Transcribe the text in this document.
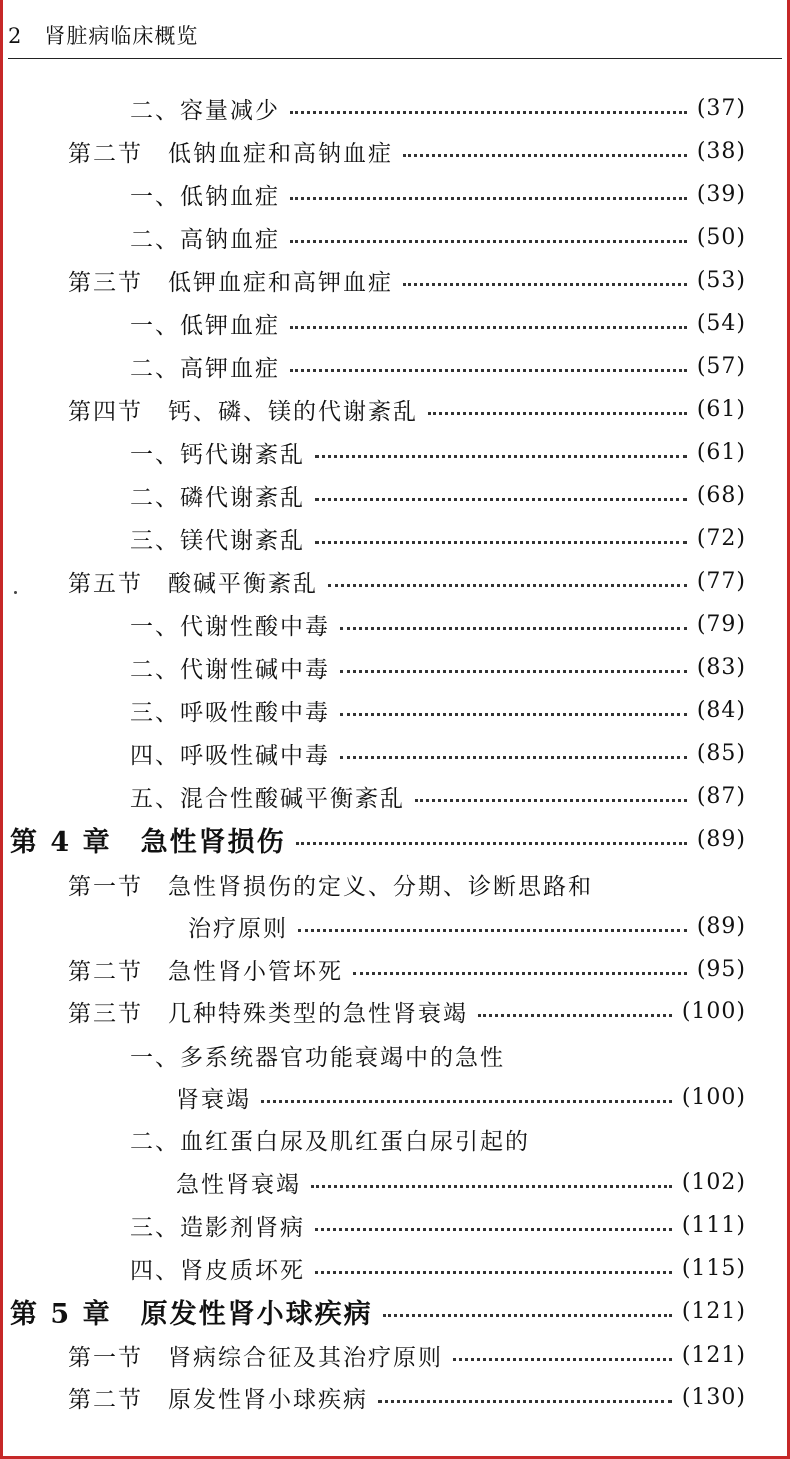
2 肾脏病临床概览
二、容量减少	(37)
第二节　低钠血症和高钠血症	(38)
一、低钠血症	(39)
二、高钠血症	(50)
第三节　低钾血症和高钾血症	(53)
一、低钾血症	(54)
二、高钾血症	(57)
第四节　钙、磷、镁的代谢紊乱	(61)
一、钙代谢紊乱	(61)
二、磷代谢紊乱	(68)
三、镁代谢紊乱	(72)
第五节　酸碱平衡紊乱	(77)
一、代谢性酸中毒	(79)
二、代谢性碱中毒	(83)
三、呼吸性酸中毒	(84)
四、呼吸性碱中毒	(85)
五、混合性酸碱平衡紊乱	(87)
第 4 章　急性肾损伤	(89)
第一节　急性肾损伤的定义、分期、诊断思路和
治疗原则	(89)
第二节　急性肾小管坏死	(95)
第三节　几种特殊类型的急性肾衰竭	(100)
一、多系统器官功能衰竭中的急性
肾衰竭	(100)
二、血红蛋白尿及肌红蛋白尿引起的
急性肾衰竭	(102)
三、造影剂肾病	(111)
四、肾皮质坏死	(115)
第 5 章　原发性肾小球疾病	(121)
第一节　肾病综合征及其治疗原则	(121)
第二节　原发性肾小球疾病	(130)
